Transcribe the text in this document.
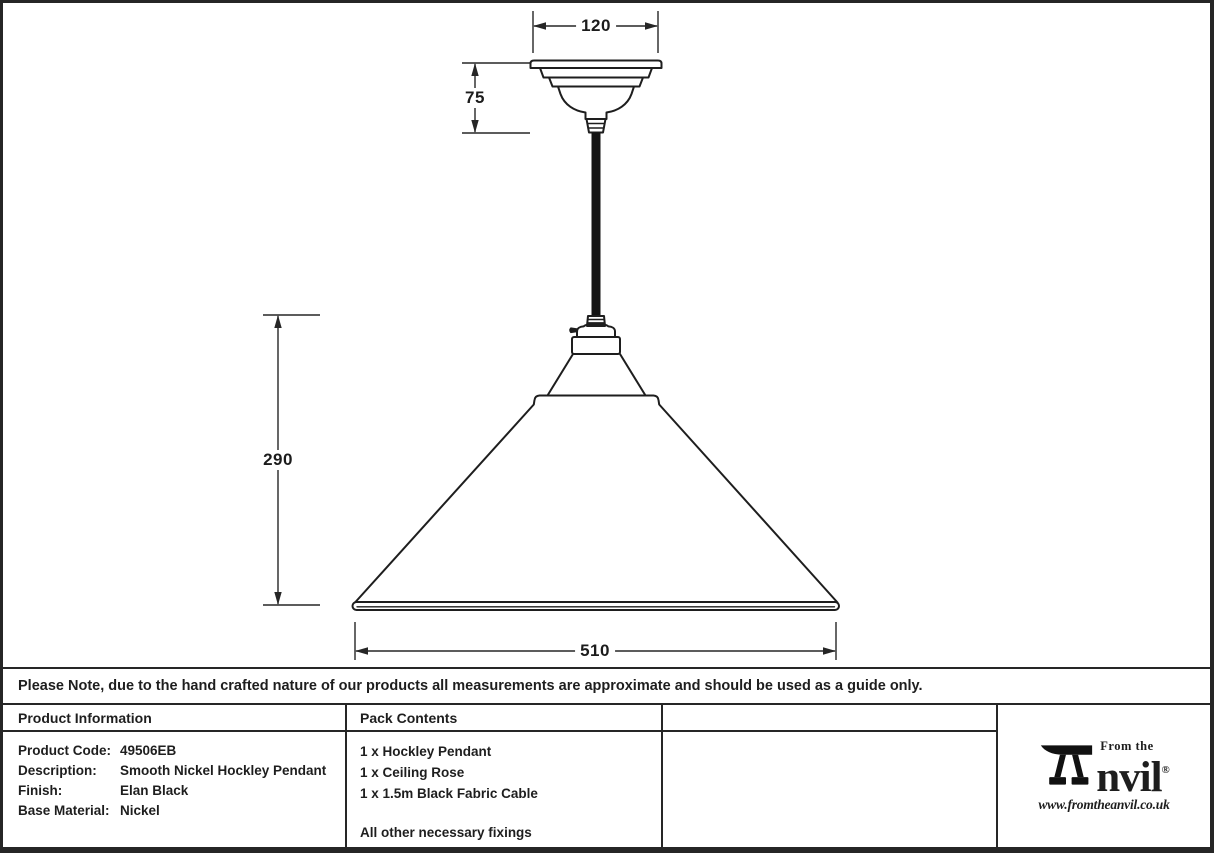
120
75
290
510
Please Note, due to the hand crafted nature of our products all measurements are approximate and should be used as a guide only.
Product Information	Pack Contents
Product Code: 49506EB
Description:	Smooth Nickel Hockley Pendant
Finish:	Elan Black
Base Material: Nickel
1 x Hockley Pendant
1 x Ceiling Rose
1 x 1.5m Black Fabric Cable
All other necessary fixings
From the
nvil®
www.fromtheanvil.co.uk
